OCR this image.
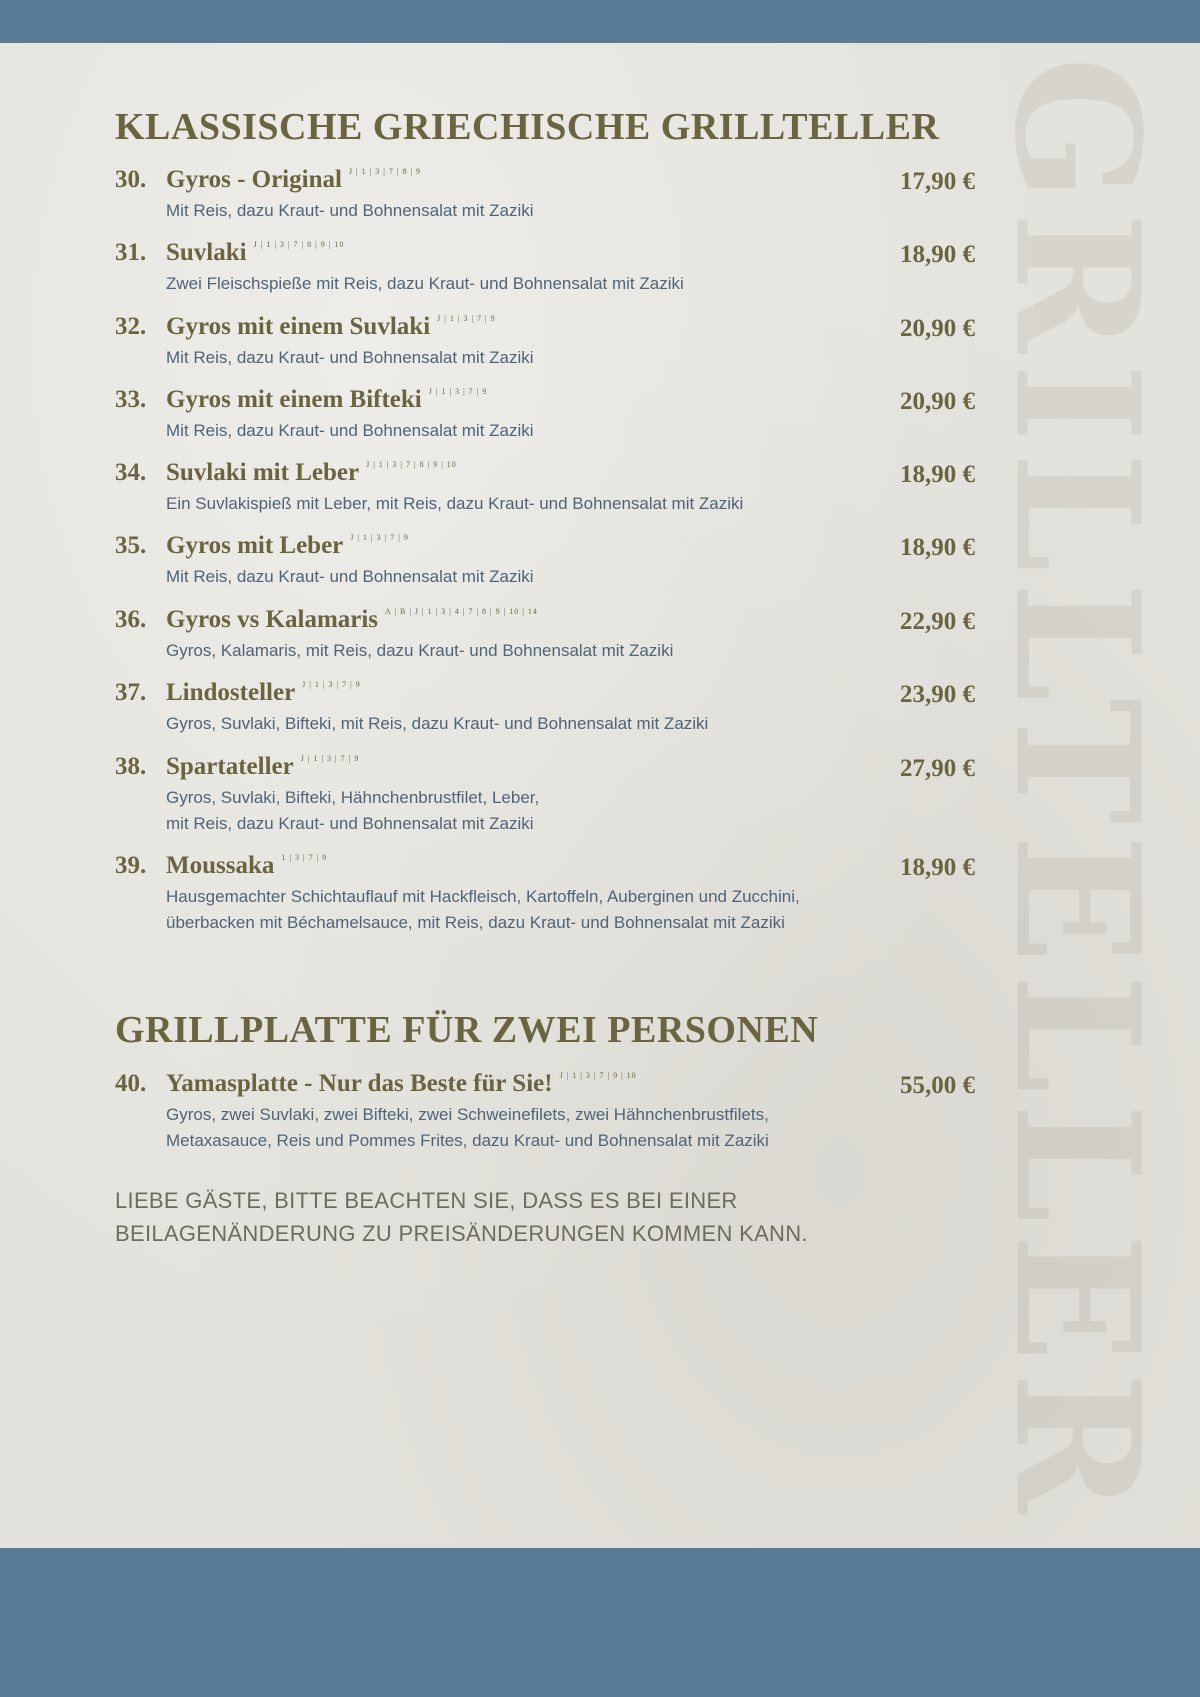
GRILLTELLER
KLASSISCHE GRIECHISCHE GRILLTELLER
30. Gyros - Original J | 1 | 3 | 7 | 8 | 9	17,90 €
Mit Reis, dazu Kraut- und Bohnensalat mit Zaziki
31. Suvlaki J | 1 | 3 | 7 | 8 | 9 | 10	18,90 €
Zwei Fleischspieße mit Reis, dazu Kraut- und Bohnensalat mit Zaziki
32. Gyros mit einem Suvlaki J | 1 | 3 | 7 | 9	20,90 €
Mit Reis, dazu Kraut- und Bohnensalat mit Zaziki
33. Gyros mit einem Bifteki J | 1 | 3 | 7 | 9	20,90 €
Mit Reis, dazu Kraut- und Bohnensalat mit Zaziki
34. Suvlaki mit Leber J | 1 | 3 | 7 | 8 | 9 | 10	18,90 €
Ein Suvlakispieß mit Leber, mit Reis, dazu Kraut- und Bohnensalat mit Zaziki
35. Gyros mit Leber J | 1 | 3 | 7 | 9	18,90 €
Mit Reis, dazu Kraut- und Bohnensalat mit Zaziki
36. Gyros vs Kalamaris A | B | J | 1 | 3 | 4 | 7 | 8 | 9 | 10 | 14	22,90 €
Gyros, Kalamaris, mit Reis, dazu Kraut- und Bohnensalat mit Zaziki
37. Lindosteller J | 1 | 3 | 7 | 9	23,90 €
Gyros, Suvlaki, Bifteki, mit Reis, dazu Kraut- und Bohnensalat mit Zaziki
38. Spartateller J | 1 | 3 | 7 | 9	27,90 €
Gyros, Suvlaki, Bifteki, Hähnchenbrustfilet, Leber,
mit Reis, dazu Kraut- und Bohnensalat mit Zaziki
39. Moussaka 1 | 3 | 7 | 9	18,90 €
Hausgemachter Schichtauflauf mit Hackfleisch, Kartoffeln, Auberginen und Zucchini,
überbacken mit Béchamelsauce, mit Reis, dazu Kraut- und Bohnensalat mit Zaziki
GRILLPLATTE FÜR ZWEI PERSONEN
40. Yamasplatte - Nur das Beste für Sie! J | 1 | 3 | 7 | 9 | 10	55,00 €
Gyros, zwei Suvlaki, zwei Bifteki, zwei Schweinefilets, zwei Hähnchenbrustfilets,
Metaxasauce, Reis und Pommes Frites, dazu Kraut- und Bohnensalat mit Zaziki

LIEBE GÄSTE, BITTE BEACHTEN SIE, DASS ES BEI EINER

BEILAGENÄNDERUNG ZU PREISÄNDERUNGEN KOMMEN KANN.
